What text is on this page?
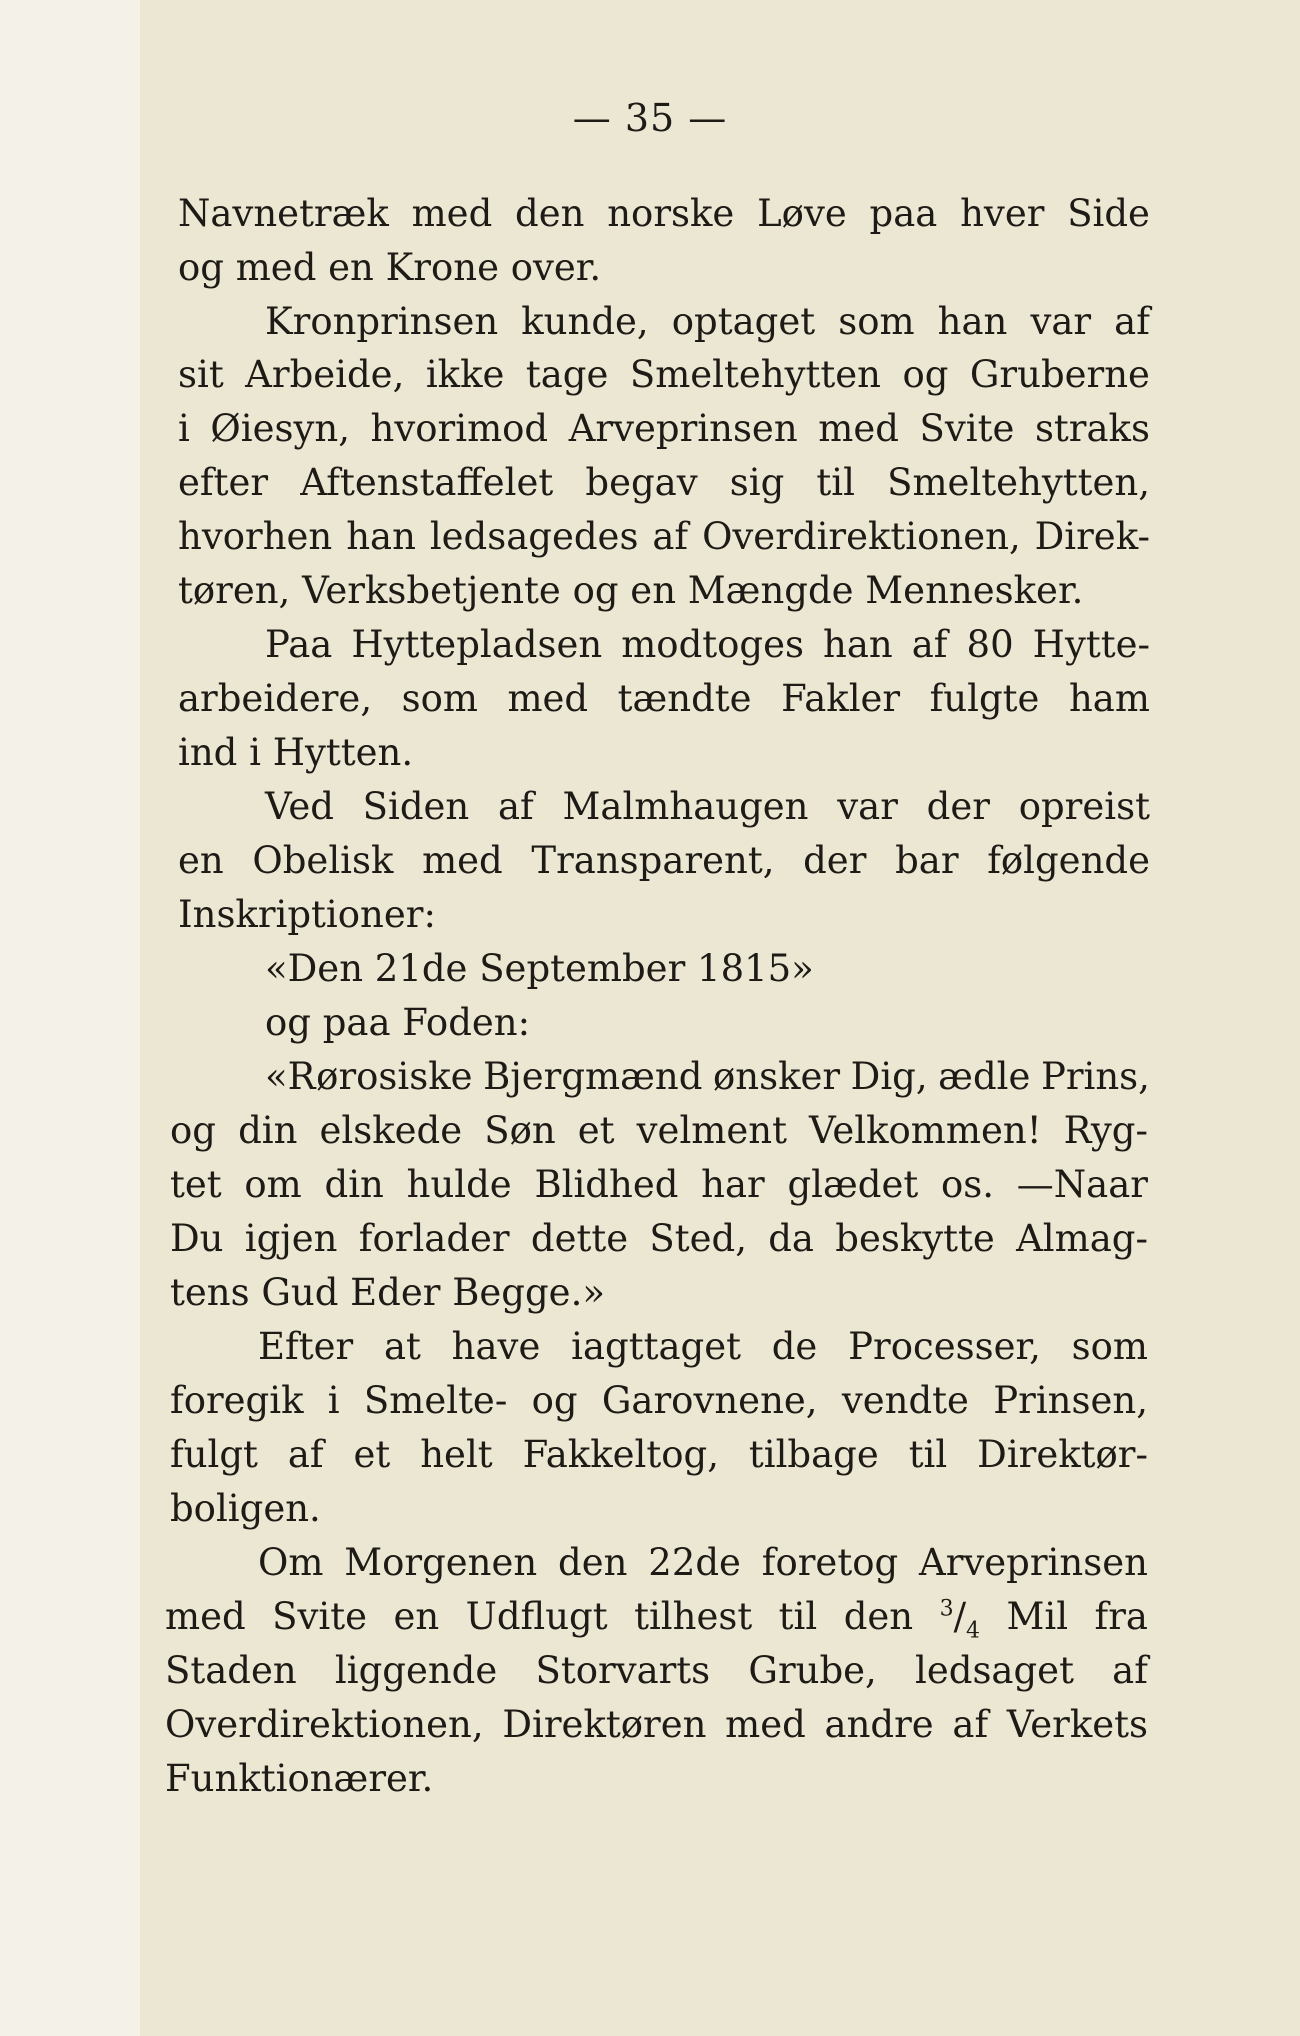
— 35 —
Navnetræk med den norske Løve paa hver Side
og med en Krone over.
Kronprinsen kunde, optaget som han var af
sit Arbeide, ikke tage Smeltehytten og Gruberne
i Øiesyn, hvorimod Arveprinsen med Svite straks
efter Aftenstaffelet begav sig til Smeltehytten,
hvorhen han ledsagedes af Overdirektionen, Direk-
tøren, Verksbetjente og en Mængde Mennesker.
Paa Hyttepladsen modtoges han af 80 Hytte-
arbeidere, som med tændte Fakler fulgte ham
ind i Hytten.
Ved Siden af Malmhaugen var der opreist
en Obelisk med Transparent, der bar følgende
Inskriptioner:
«Den 21de September 1815»
og paa Foden:
«Rørosiske Bjergmænd ønsker Dig, ædle Prins,
og din elskede Søn et velment Velkommen! Ryg-
tet om din hulde Blidhed har glædet os. —Naar
Du igjen forlader dette Sted, da beskytte Almag-
tens Gud Eder Begge.»
Efter at have iagttaget de Processer, som
foregik i Smelte- og Garovnene, vendte Prinsen,
fulgt af et helt Fakkeltog, tilbage til Direktør-
boligen.
Om Morgenen den 22de foretog Arveprinsen
med Svite en Udflugt tilhest til den $^3/_4$ Mil fra
Staden liggende Storvarts Grube, ledsaget af
Overdirektionen, Direktøren med andre af Verkets
Funktionærer.
